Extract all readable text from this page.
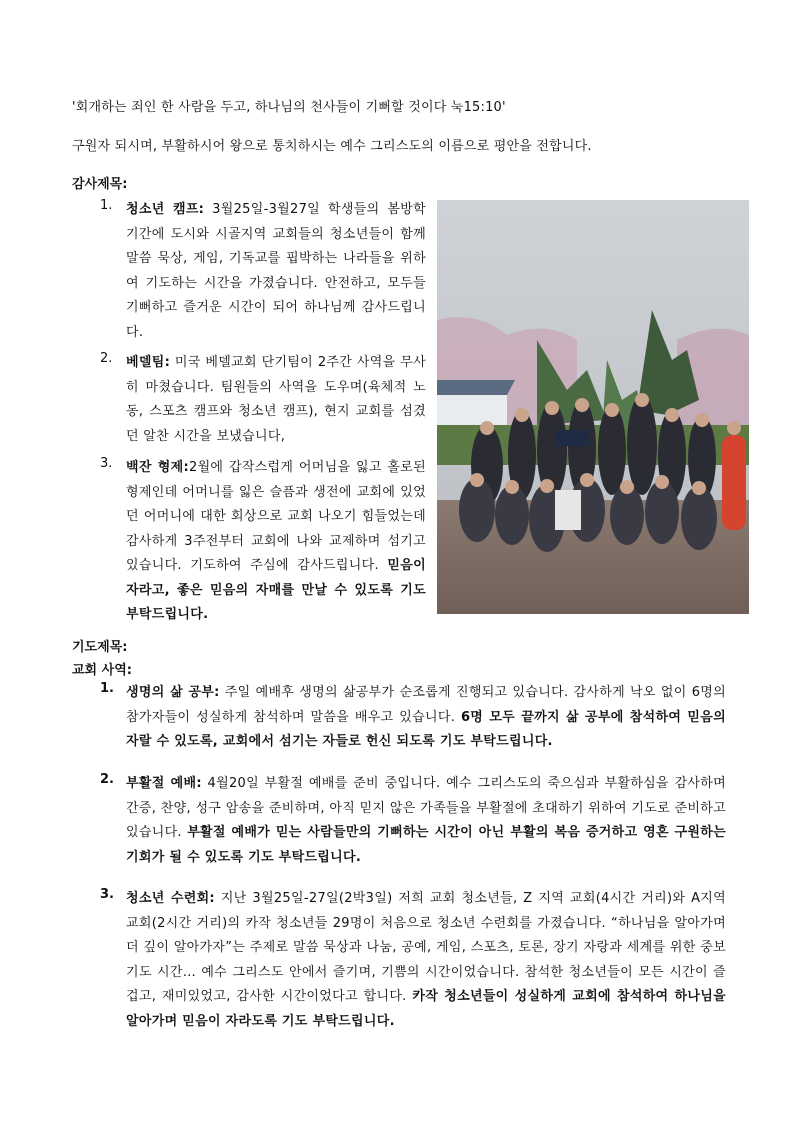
'회개하는 죄인 한 사람을 두고, 하나님의 천사들이 기뻐할 것이다 눅15:10'
구원자 되시며, 부활하시어 왕으로 통치하시는 예수 그리스도의 이름으로 평안을 전합니다.
감사제목:
1.	청소년 캠프: 3월25일-3월27일 학생들의 봄방학 기간에 도시와 시골지역 교회들의 청소년들이 함께 말씀 묵상, 게임, 기독교를 핍박하는 나라들을 위하여 기도하는 시간을 가졌습니다. 안전하고, 모두들 기뻐하고 즐거운 시간이 되어 하나님께 감사드립니다.
2.	베델팀: 미국 베델교회 단기팀이 2주간 사역을 무사히 마쳤습니다. 팀원들의 사역을 도우며(육체적 노동, 스포츠 캠프와 청소년 캠프), 현지 교회를 섬겼던 알찬 시간을 보냈습니다,
3.	백잔 형제:2월에 갑작스럽게 어머님을 잃고 홀로된 형제인데 어머니를 잃은 슬픔과 생전에 교회에 있었던 어머니에 대한 회상으로 교회 나오기 힘들었는데 감사하게 3주전부터 교회에 나와 교제하며 섬기고 있습니다. 기도하여 주심에 감사드립니다. 믿음이 자라고, 좋은 믿음의 자매를 만날 수 있도록 기도 부탁드립니다.
기도제목:
교회 사역:
1. 생명의 삶 공부: 주일 예배후 생명의 삶공부가 순조롭게 진행되고 있습니다. 감사하게 낙오 없이 6명의 참가자들이 성실하게 참석하며 말씀을 배우고 있습니다. 6명 모두 끝까지 삶 공부에 참석하여 믿음의 자랄 수 있도록, 교회에서 섬기는 자들로 헌신 되도록 기도 부탁드립니다.
2. 부활절 예배: 4월20일 부활절 예배를 준비 중입니다. 예수 그리스도의 죽으심과 부활하심을 감사하며 간증, 찬양, 성구 암송을 준비하며, 아직 믿지 않은 가족들을 부활절에 초대하기 위하여 기도로 준비하고 있습니다. 부활절 예배가 믿는 사람들만의 기뻐하는 시간이 아닌 부활의 복음 증거하고 영혼 구원하는 기회가 될 수 있도록 기도 부탁드립니다.
3. 청소년 수련회: 지난 3월25일-27일(2박3일) 저희 교회 청소년들, Z 지역 교회(4시간 거리)와 A지역 교회(2시간 거리)의 카작 청소년들 29명이 처음으로 청소년 수련회를 가졌습니다. “하나님을 알아가며 더 깊이 알아가자”는 주제로 말씀 묵상과 나눔, 공예, 게임, 스포츠, 토론, 장기 자랑과 세계를 위한 중보기도 시간… 예수 그리스도 안에서 즐기며, 기쁨의 시간이었습니다. 참석한 청소년들이 모든 시간이 즐겁고, 재미있었고, 감사한 시간이었다고 합니다. 카작 청소년들이 성실하게 교회에 참석하여 하나님을 알아가며 믿음이 자라도록 기도 부탁드립니다.
